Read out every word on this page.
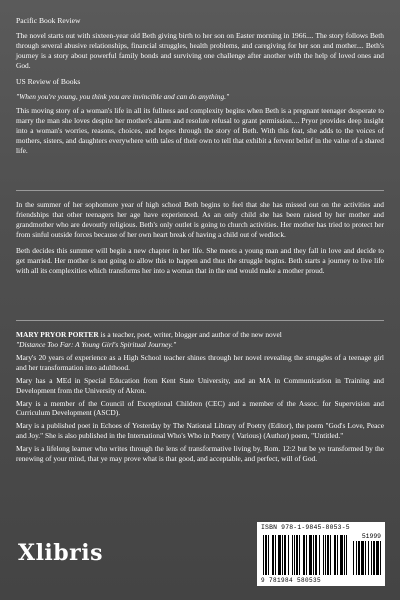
Pacific Book Review

The novel starts out with sixteen-year old Beth giving birth to her son on Easter morning in 1966.... The story follows Beth through several abusive relationships, financial struggles, health problems, and caregiving for her son and mother.... Beth's journey is a story about powerful family bonds and surviving one challenge after another with the help of loved ones and God.

US Review of Books

"When you're young, you think you are invincible and can do anything."

This moving story of a woman's life in all its fullness and complexity begins when Beth is a pregnant teenager desperate to marry the man she loves despite her mother's alarm and resolute refusal to grant permission.... Pryor provides deep insight into a woman's worries, reasons, choices, and hopes through the story of Beth. With this feat, she adds to the voices of mothers, sisters, and daughters everywhere with tales of their own to tell that exhibit a fervent belief in the value of a shared life.

In the summer of her sophomore year of high school Beth begins to feel that she has missed out on the activities and friendships that other teenagers her age have experienced. As an only child she has been raised by her mother and grandmother who are devoutly religious. Beth's only outlet is going to church activities. Her mother has tried to protect her from sinful outside forces because of her own heart break of having a child out of wedlock.

Beth decides this summer will begin a new chapter in her life. She meets a young man and they fall in love and decide to get married. Her mother is not going to allow this to happen and thus the struggle begins. Beth starts a journey to live life with all its complexities which transforms her into a woman that in the end would make a mother proud.

MARY PRYOR PORTER is a teacher, poet, writer, blogger and author of the new novel
"Distance Too Far: A Young Girl's Spiritual Journey."

Mary's 20 years of experience as a High School teacher shines through her novel revealing the struggles of a teenage girl and her transformation into adulthood.

Mary has a MEd in Special Education from Kent State University, and an MA in Communication in Training and Development from the University of Akron.

Mary is a member of the Council of Exceptional Children (CEC) and a member of the Assoc. for Supervision and Curriculum Development (ASCD).

Mary is a published poet in Echoes of Yesterday by The National Library of Poetry (Editor), the poem "God's Love, Peace and Joy." She is also published in the International Who's Who in Poetry ( Various) (Author) poem, "Untitled."

Mary is a lifelong learner who writes through the lens of transformative living by, Rom. 12:2 but be ye transformed by the renewing of your mind, that ye may prove what is that good, and acceptable, and perfect, will of God.

Xlibris
ISBN 978-1-9845-8053-5
51999
9 781984 580535
